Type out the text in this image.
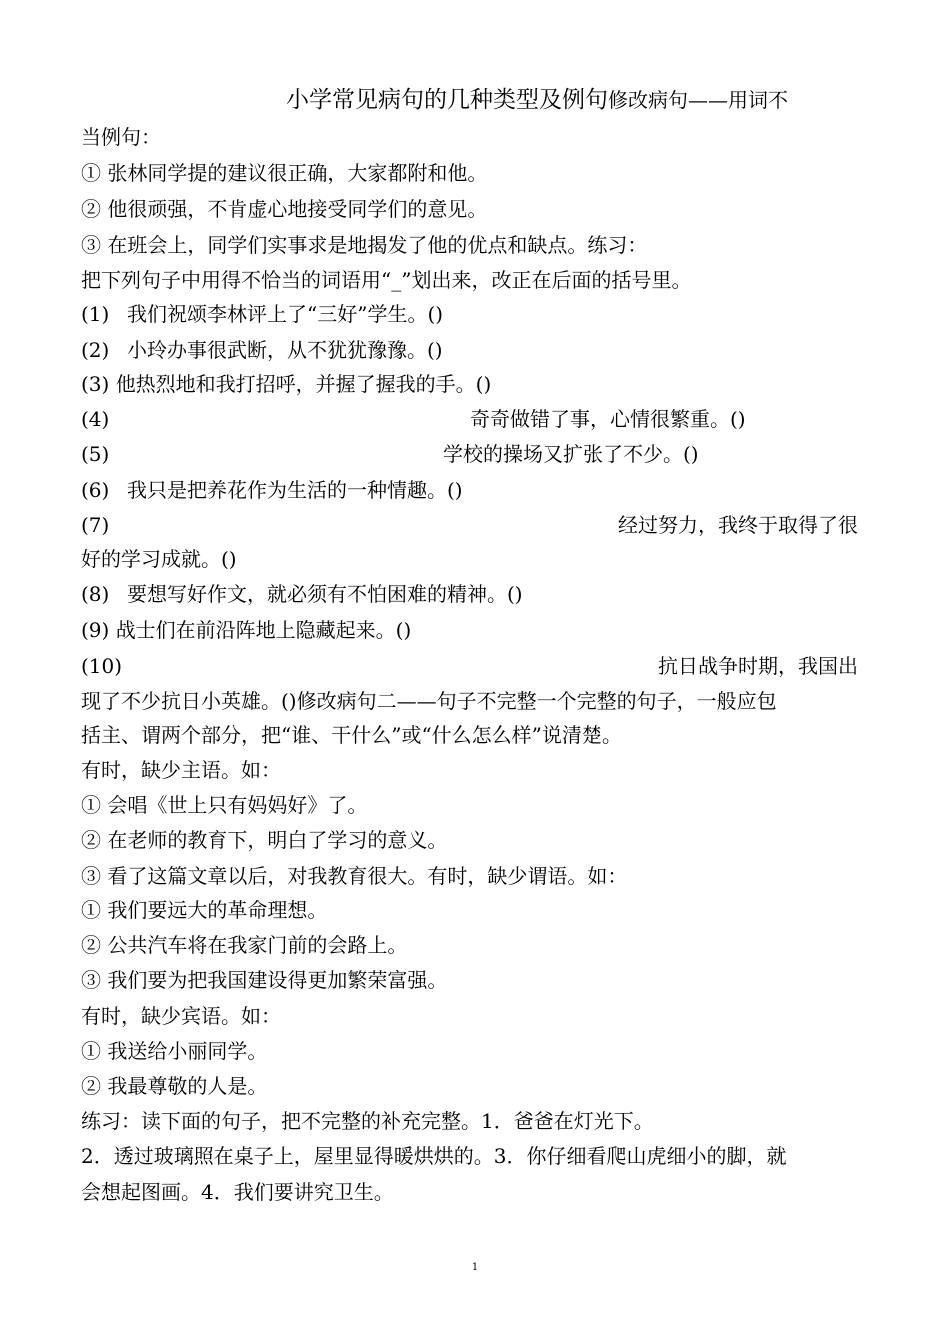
小学常见病句的几种类型及例句修改病句——用词不
当例句：
① 张林同学提的建议很正确，大家都附和他。
② 他很顽强，不肯虚心地接受同学们的意见。
③ 在班会上，同学们实事求是地揭发了他的优点和缺点。练习：
把下列句子中用得不恰当的词语用“_”划出来，改正在后面的括号里。
(1) 我们祝颂李林评上了“三好”学生。()
(2) 小玲办事很武断，从不犹犹豫豫。()
(3) 他热烈地和我打招呼，并握了握我的手。()
(4)	奇奇做错了事，心情很繁重。()
(5)	学校的操场又扩张了不少。()
(6) 我只是把养花作为生活的一种情趣。()
(7)	经过努力，我终于取得了很
好的学习成就。()
(8) 要想写好作文，就必须有不怕困难的精神。()
(9) 战士们在前沿阵地上隐藏起来。()
(10)	抗日战争时期，我国出
现了不少抗日小英雄。()修改病句二——句子不完整一个完整的句子，一般应包
括主、谓两个部分，把“谁、干什么”或“什么怎么样”说清楚。
有时，缺少主语。如：
① 会唱《世上只有妈妈好》了。
② 在老师的教育下，明白了学习的意义。
③ 看了这篇文章以后，对我教育很大。有时，缺少谓语。如：
① 我们要远大的革命理想。
② 公共汽车将在我家门前的会路上。
③ 我们要为把我国建设得更加繁荣富强。
有时，缺少宾语。如：
① 我送给小丽同学。
② 我最尊敬的人是。
练习：读下面的句子，把不完整的补充完整。1．爸爸在灯光下。
2．透过玻璃照在桌子上，屋里显得暖烘烘的。3．你仔细看爬山虎细小的脚，就
会想起图画。4．我们要讲究卫生。
1
